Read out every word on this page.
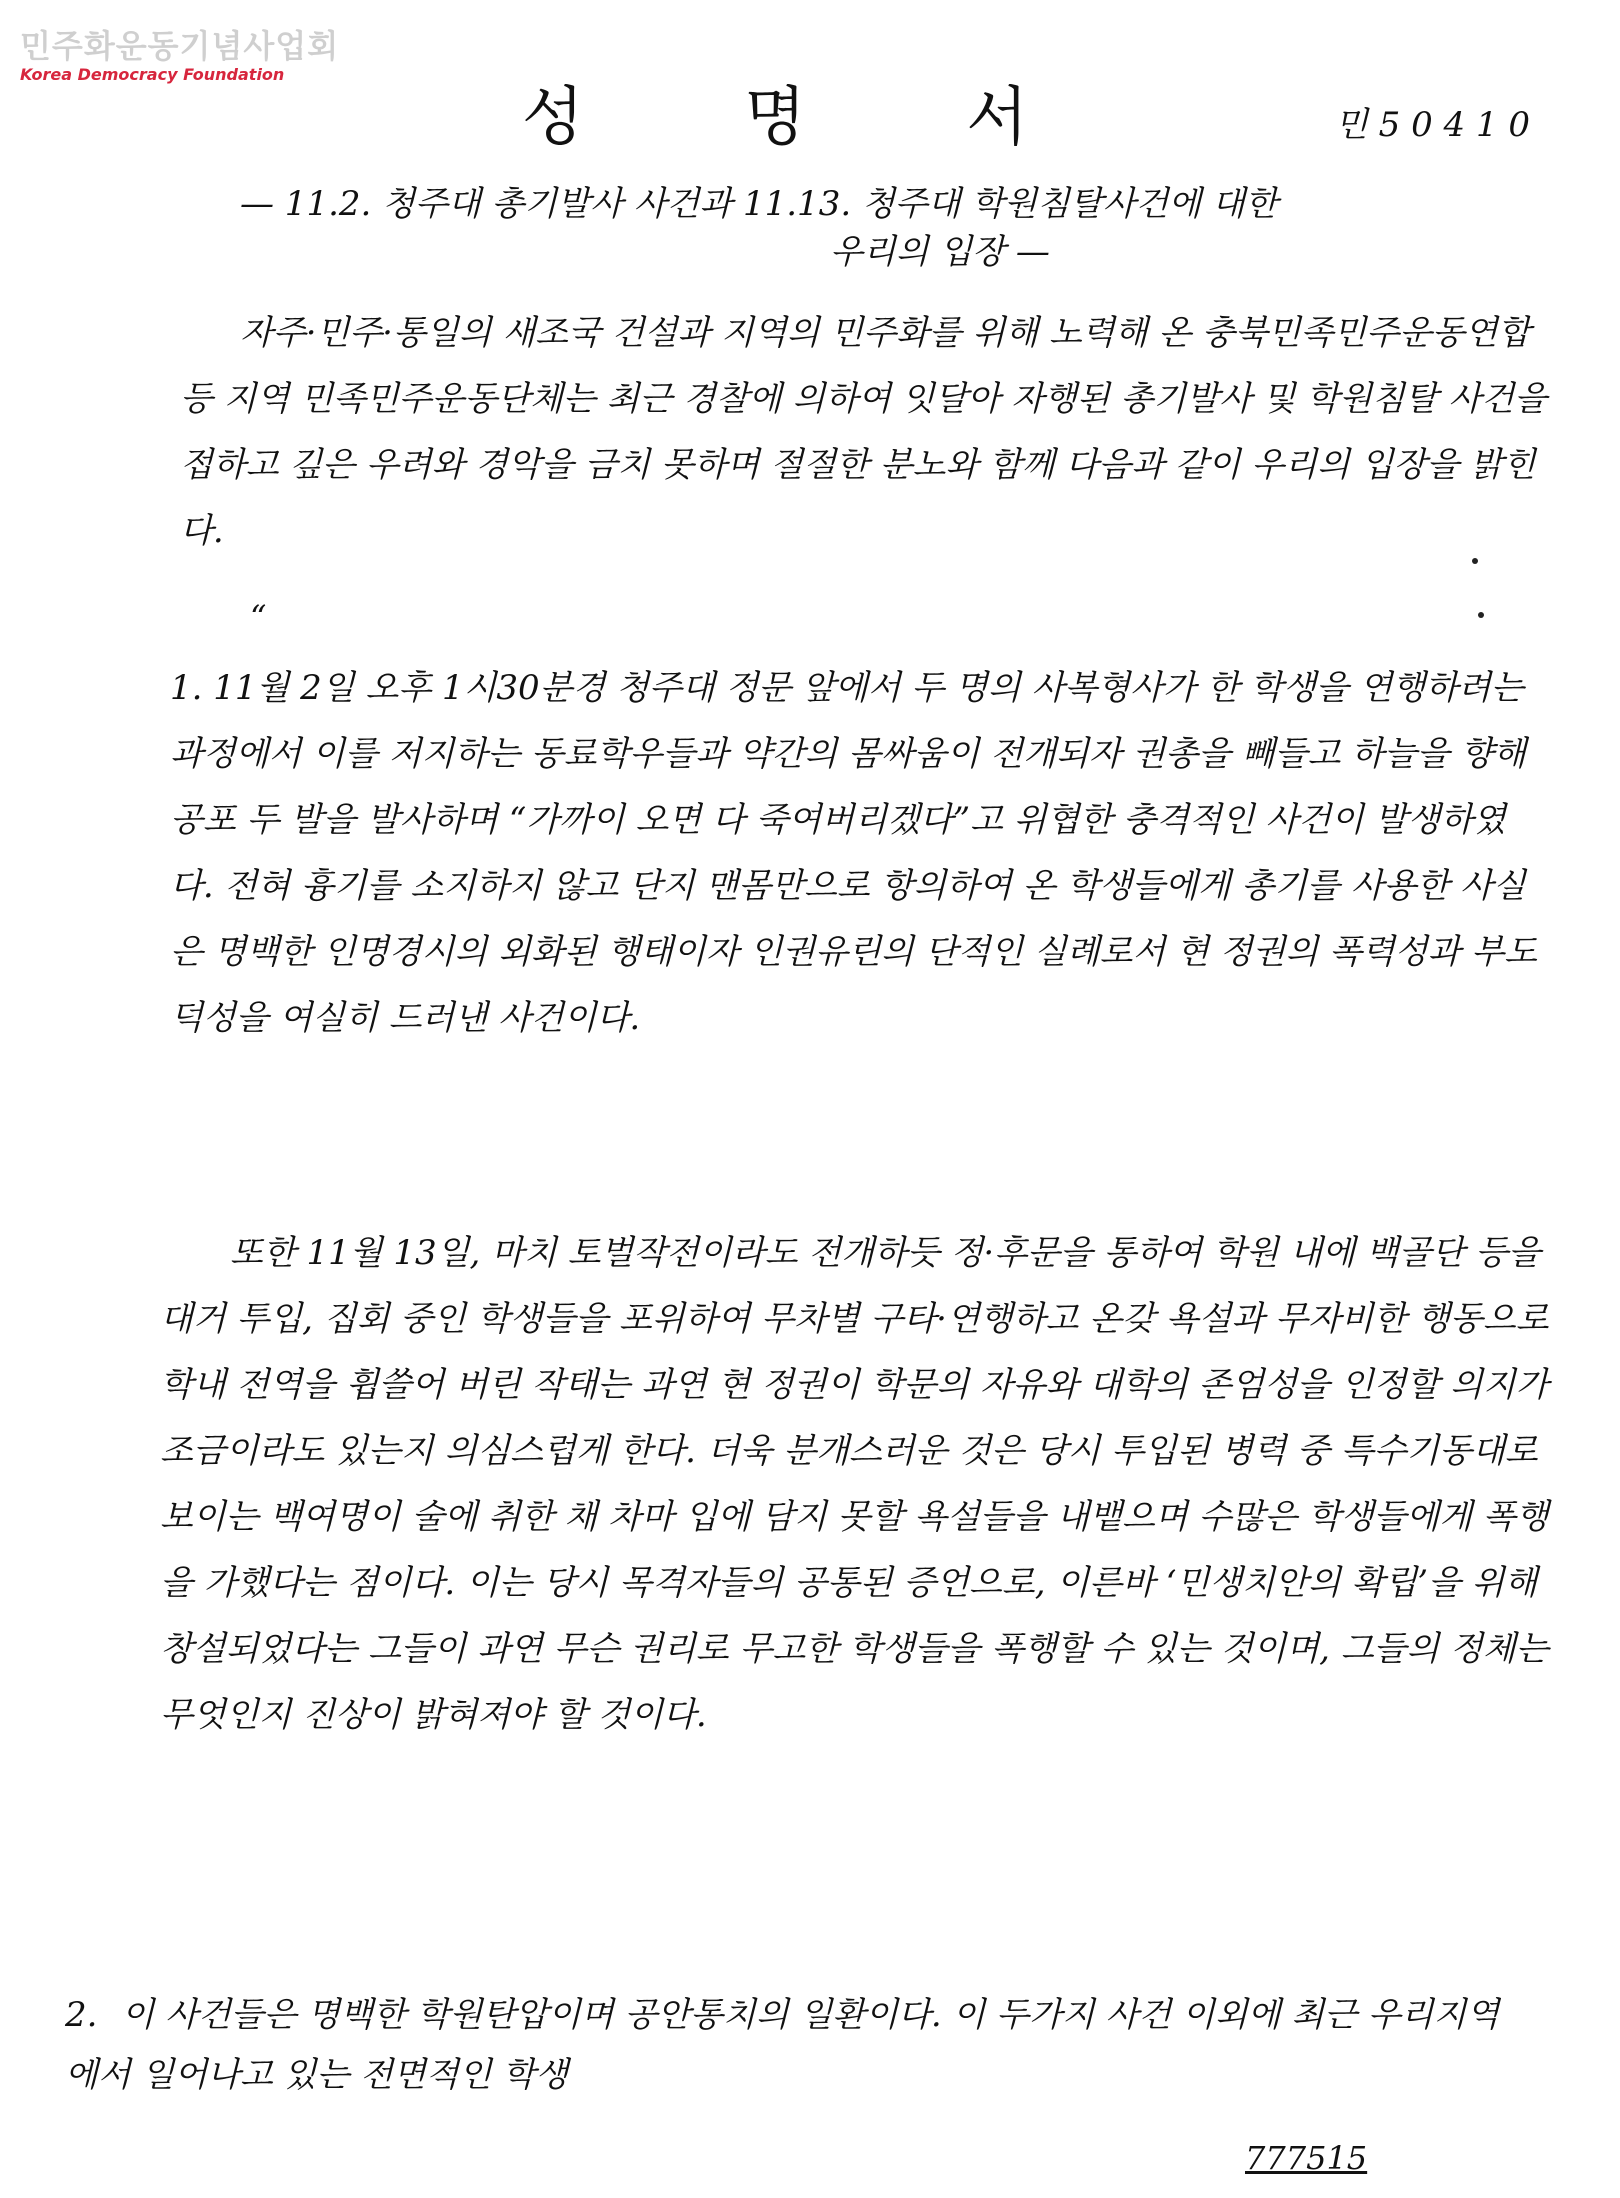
민주화운동기념사업회
Korea Democracy Foundation
성 명 서	민 5 0 4 1 0
— 11.2. 청주대 총기발사 사건과 11.13. 청주대 학원침탈사건에 대한
우리의 입장 —
자주·민주·통일의 새조국 건설과 지역의 민주화를 위해 노력해 온 충북민족민주운동연합 등 지역 민족민주운동단체는 최근 경찰에 의하여 잇달아 자행된 총기발사 및 학원침탈 사건을 접하고 깊은 우려와 경악을 금치 못하며 절절한 분노와 함께 다음과 같이 우리의 입장을 밝힌다.
“
1. 11월 2일 오후 1시30분경 청주대 정문 앞에서 두 명의 사복형사가 한 학생을 연행하려는 과정에서 이를 저지하는 동료학우들과 약간의 몸싸움이 전개되자 권총을 빼들고 하늘을 향해 공포 두 발을 발사하며 “가까이 오면 다 죽여버리겠다”고 위협한 충격적인 사건이 발생하였다. 전혀 흉기를 소지하지 않고 단지 맨몸만으로 항의하여 온 학생들에게 총기를 사용한 사실은 명백한 인명경시의 외화된 행태이자 인권유린의 단적인 실례로서 현 정권의 폭력성과 부도덕성을 여실히 드러낸 사건이다.
또한 11월 13일, 마치 토벌작전이라도 전개하듯 정·후문을 통하여 학원 내에 백골단 등을 대거 투입, 집회 중인 학생들을 포위하여 무차별 구타·연행하고 온갖 욕설과 무자비한 행동으로 학내 전역을 휩쓸어 버린 작태는 과연 현 정권이 학문의 자유와 대학의 존엄성을 인정할 의지가 조금이라도 있는지 의심스럽게 한다. 더욱 분개스러운 것은 당시 투입된 병력 중 특수기동대로 보이는 백여명이 술에 취한 채 차마 입에 담지 못할 욕설들을 내뱉으며 수많은 학생들에게 폭행을 가했다는 점이다. 이는 당시 목격자들의 공통된 증언으로, 이른바 ‘민생치안의 확립’을 위해 창설되었다는 그들이 과연 무슨 권리로 무고한 학생들을 폭행할 수 있는 것이며, 그들의 정체는 무엇인지 진상이 밝혀져야 할 것이다.
2. 이 사건들은 명백한 학원탄압이며 공안통치의 일환이다. 이 두가지 사건 이외에 최근 우리지역에서 일어나고 있는 전면적인 학생
777515
